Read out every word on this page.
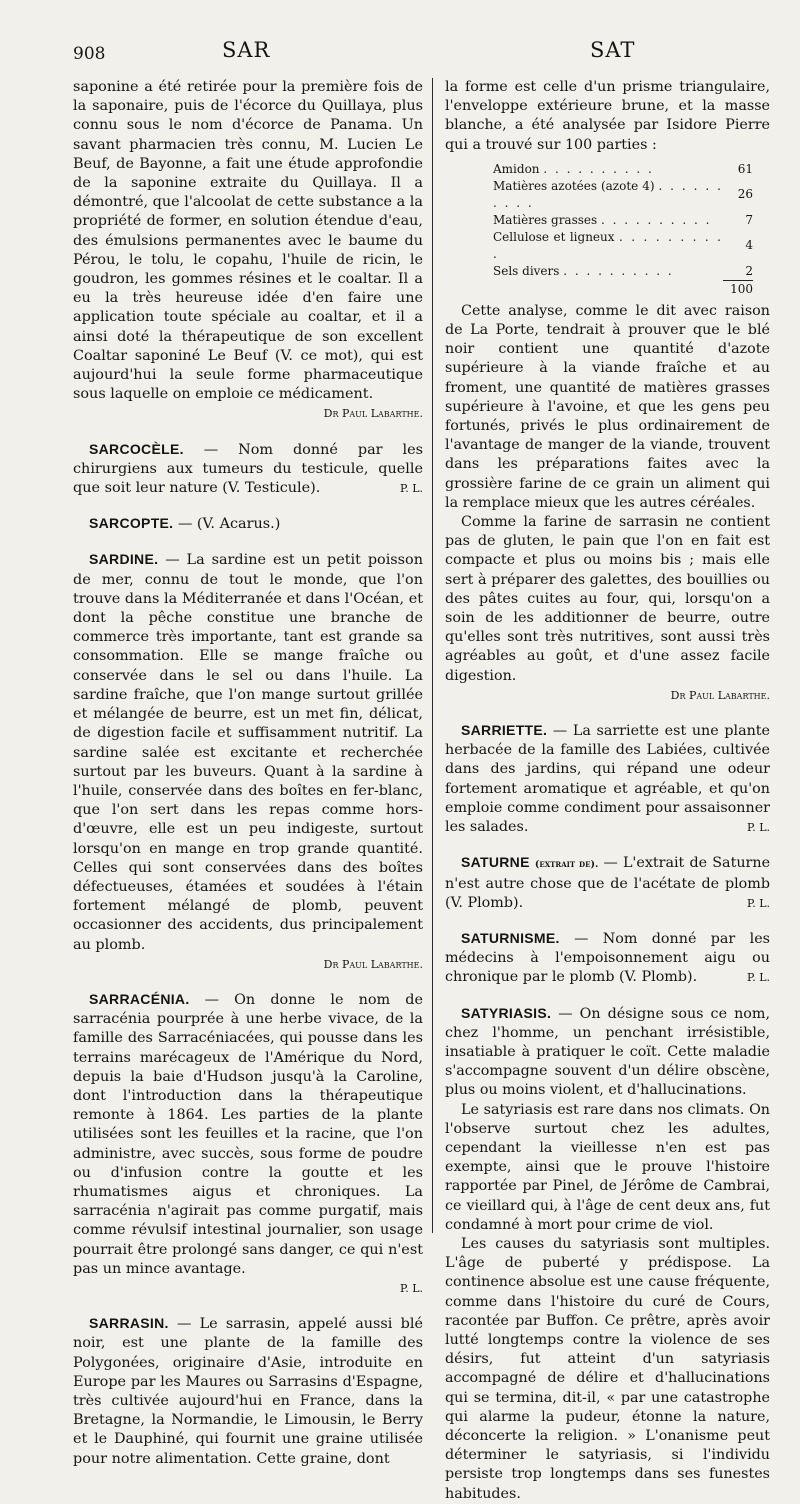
908	SAR	SAT

saponine a été retirée pour la première fois de la saponaire, puis de l'écorce du Quillaya, plus connu sous le nom d'écorce de Panama. Un savant pharmacien très connu, M. Lucien Le Beuf, de Bayonne, a fait une étude approfondie de la saponine extraite du Quillaya. Il a démontré, que l'alcoolat de cette substance a la propriété de former, en solution étendue d'eau, des émulsions permanentes avec le baume du Pérou, le tolu, le copahu, l'huile de ricin, le goudron, les gommes résines et le coaltar. Il a eu la très heureuse idée d'en faire une application toute spéciale au coaltar, et il a ainsi doté la thérapeutique de son excellent Coaltar saponiné Le Beuf (V. ce mot), qui est aujourd'hui la seule forme pharmaceutique sous laquelle on emploie ce médicament.

Dr Paul Labarthe.

SARCOCÈLE. — Nom donné par les chirurgiens aux tumeurs du testicule, quelle que soit leur nature (V. Testicule).	P. L.

SARCOPTE. — (V. Acarus.)

SARDINE. — La sardine est un petit poisson de mer, connu de tout le monde, que l'on trouve dans la Méditerranée et dans l'Océan, et dont la pêche constitue une branche de commerce très importante, tant est grande sa consommation. Elle se mange fraîche ou conservée dans le sel ou dans l'huile. La sardine fraîche, que l'on mange surtout grillée et mélangée de beurre, est un met fin, délicat, de digestion facile et suffisamment nutritif. La sardine salée est excitante et recherchée surtout par les buveurs. Quant à la sardine à l'huile, conservée dans des boîtes en fer-blanc, que l'on sert dans les repas comme hors-d'œuvre, elle est un peu indigeste, surtout lorsqu'on en mange en trop grande quantité. Celles qui sont conservées dans des boîtes défectueuses, étamées et soudées à l'étain fortement mélangé de plomb, peuvent occasionner des accidents, dus principalement au plomb.

Dr Paul Labarthe.

SARRACÉNIA. — On donne le nom de sarracénia pourprée à une herbe vivace, de la famille des Sarracéniacées, qui pousse dans les terrains marécageux de l'Amérique du Nord, depuis la baie d'Hudson jusqu'à la Caroline, dont l'introduction dans la thérapeutique remonte à 1864. Les parties de la plante utilisées sont les feuilles et la racine, que l'on administre, avec succès, sous forme de poudre ou d'infusion contre la goutte et les rhumatismes aigus et chroniques. La sarracénia n'agirait pas comme purgatif, mais comme révulsif intestinal journalier, son usage pourrait être prolongé sans danger, ce qui n'est pas un mince avantage.

P. L.

SARRASIN. — Le sarrasin, appelé aussi blé noir, est une plante de la famille des Polygonées, originaire d'Asie, introduite en Europe par les Maures ou Sarrasins d'Espagne, très cultivée aujourd'hui en France, dans la Bretagne, la Normandie, le Limousin, le Berry et le Dauphiné, qui fournit une graine utilisée pour notre alimentation. Cette graine, dont

la forme est celle d'un prisme triangulaire, l'enveloppe extérieure brune, et la masse blanche, a été analysée par Isidore Pierre qui a trouvé sur 100 parties :

Amidon . . . . . . . . . .	61
Matières azotées (azote 4) . . . . . . . . . .	26
Matières grasses . . . . . . . . . .	7
Cellulose et ligneux . . . . . . . . . .	4
Sels divers . . . . . . . . . .	2
	100

Cette analyse, comme le dit avec raison de La Porte, tendrait à prouver que le blé noir contient une quantité d'azote supérieure à la viande fraîche et au froment, une quantité de matières grasses supérieure à l'avoine, et que les gens peu fortunés, privés le plus ordinairement de l'avantage de manger de la viande, trouvent dans les préparations faites avec la grossière farine de ce grain un aliment qui la remplace mieux que les autres céréales.

Comme la farine de sarrasin ne contient pas de gluten, le pain que l'on en fait est compacte et plus ou moins bis ; mais elle sert à préparer des galettes, des bouillies ou des pâtes cuites au four, qui, lorsqu'on a soin de les additionner de beurre, outre qu'elles sont très nutritives, sont aussi très agréables au goût, et d'une assez facile digestion.

Dr Paul Labarthe.

SARRIETTE. — La sarriette est une plante herbacée de la famille des Labiées, cultivée dans des jardins, qui répand une odeur fortement aromatique et agréable, et qu'on emploie comme condiment pour assaisonner les salades.	P. L.

SATURNE (extrait de). — L'extrait de Saturne n'est autre chose que de l'acétate de plomb (V. Plomb).	P. L.

SATURNISME. — Nom donné par les médecins à l'empoisonnement aigu ou chronique par le plomb (V. Plomb).	P. L.

SATYRIASIS. — On désigne sous ce nom, chez l'homme, un penchant irrésistible, insatiable à pratiquer le coït. Cette maladie s'accompagne souvent d'un délire obscène, plus ou moins violent, et d'hallucinations.

Le satyriasis est rare dans nos climats. On l'observe surtout chez les adultes, cependant la vieillesse n'en est pas exempte, ainsi que le prouve l'histoire rapportée par Pinel, de Jérôme de Cambrai, ce vieillard qui, à l'âge de cent deux ans, fut condamné à mort pour crime de viol.

Les causes du satyriasis sont multiples. L'âge de puberté y prédispose. La continence absolue est une cause fréquente, comme dans l'histoire du curé de Cours, racontée par Buffon. Ce prêtre, après avoir lutté longtemps contre la violence de ses désirs, fut atteint d'un satyriasis accompagné de délire et d'hallucinations qui se termina, dit-il, « par une catastrophe qui alarme la pudeur, étonne la nature, déconcerte la religion. » L'onanisme peut déterminer le satyriasis, si l'individu persiste trop longtemps dans ses funestes habitudes.
